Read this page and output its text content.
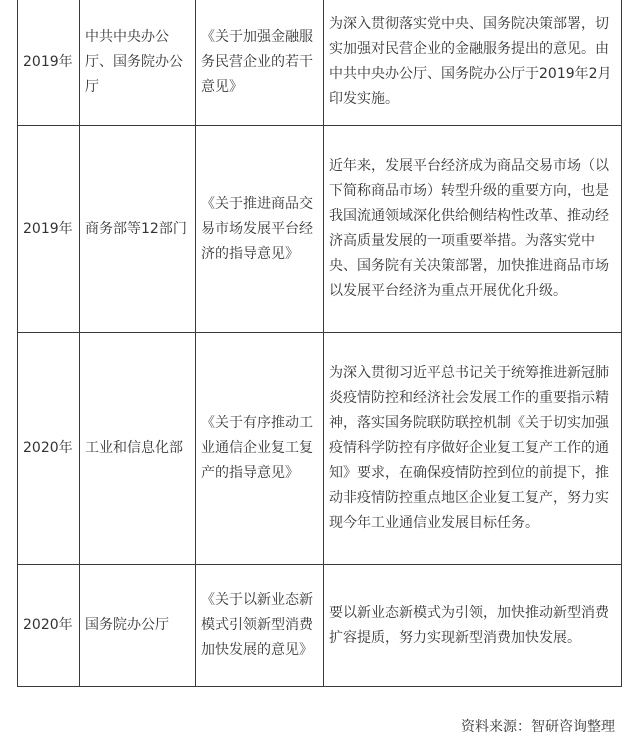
2019年	中共中央办公厅、国务院办公厅	《关于加强金融服务民营企业的若干意见》	为深入贯彻落实党中央、国务院决策部署，切实加强对民营企业的金融服务提出的意见。由中共中央办公厅、国务院办公厅于2019年2月印发实施。
2019年	商务部等12部门	《关于推进商品交易市场发展平台经济的指导意见》	近年来，发展平台经济成为商品交易市场（以下简称商品市场）转型升级的重要方向，也是我国流通领域深化供给侧结构性改革、推动经济高质量发展的一项重要举措。为落实党中央、国务院有关决策部署，加快推进商品市场以发展平台经济为重点开展优化升级。
2020年	工业和信息化部	《关于有序推动工业通信企业复工复产的指导意见》	为深入贯彻习近平总书记关于统筹推进新冠肺炎疫情防控和经济社会发展工作的重要指示精神，落实国务院联防联控机制《关于切实加强疫情科学防控有序做好企业复工复产工作的通知》要求，在确保疫情防控到位的前提下，推动非疫情防控重点地区企业复工复产，努力实现今年工业通信业发展目标任务。
2020年	国务院办公厅	《关于以新业态新模式引领新型消费加快发展的意见》	要以新业态新模式为引领，加快推动新型消费扩容提质，努力实现新型消费加快发展。
资料来源：智研咨询整理
